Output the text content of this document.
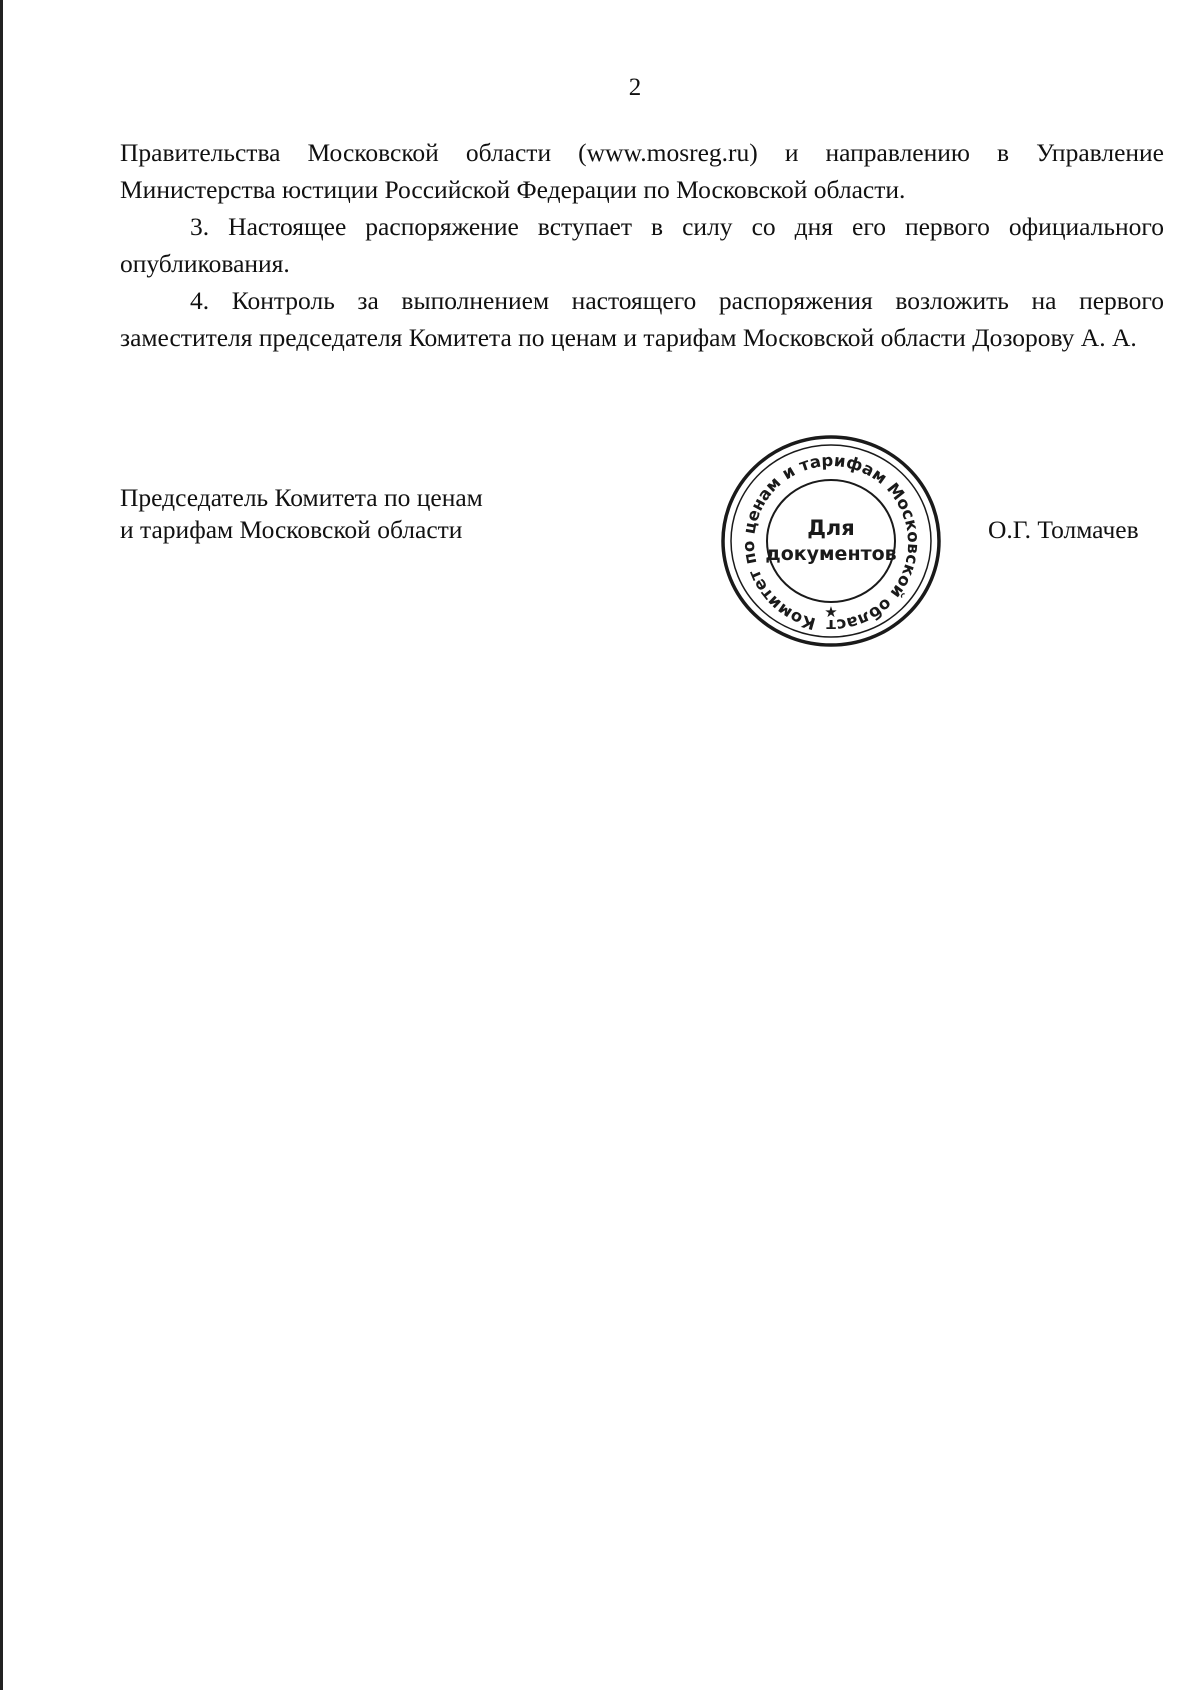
2

Правительства Московской области (www.mosreg.ru) и направлению в Управление Министерства юстиции Российской Федерации по Московской области.

3. Настоящее распоряжение вступает в силу со дня его первого официального опубликования.

4. Контроль за выполнением настоящего распоряжения возложить на первого заместителя председателя Комитета по ценам и тарифам Московской области Дозорову А. А.

Председатель Комитета по ценам
и тарифам Московской области
Комитет по ценам и тарифам Московской област
★
Для
документов
О.Г. Толмачев
